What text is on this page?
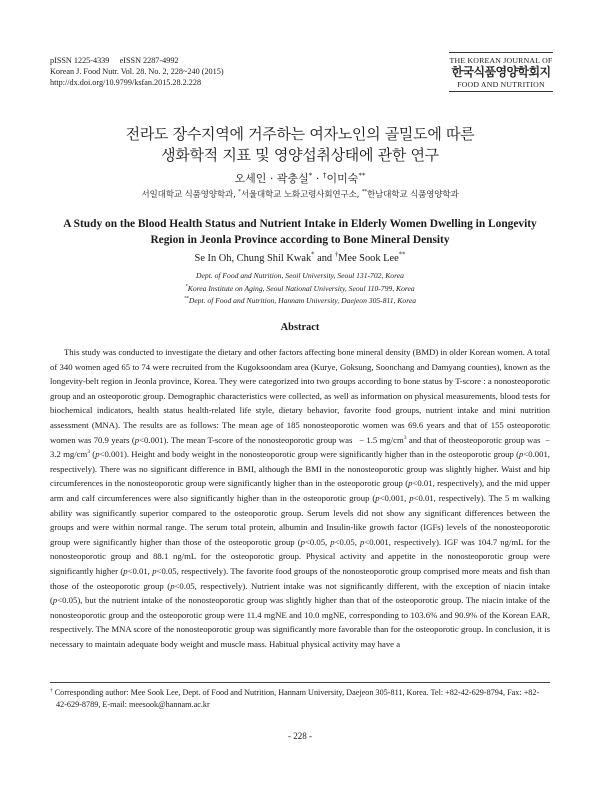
pISSN 1225-4339     eISSN 2287-4992
Korean J. Food Nutr. Vol. 28. No. 2, 228~240 (2015)
http://dx.doi.org/10.9799/ksfan.2015.28.2.228
THE KOREAN JOURNAL OF
한국식품영양학회지
FOOD AND NUTRITION
전라도 장수지역에 거주하는 여자노인의 골밀도에 따른
생화학적 지표 및 영양섭취상태에 관한 연구
오세인 · 곽충실* · †이미숙**
서일대학교 식품영양학과, *서울대학교 노화고령사회연구소, **한남대학교 식품영양학과
A Study on the Blood Health Status and Nutrient Intake in Elderly Women Dwelling in Longevity
Region in Jeonla Province according to Bone Mineral Density
Se In Oh, Chung Shil Kwak* and †Mee Sook Lee**
Dept. of Food and Nutrition, Seoil University, Seoul 131-702, Korea
*Korea Institute on Aging, Seoul National University, Seoul 110-799, Korea
**Dept. of Food and Nutrition, Hannam University, Daejeon 305-811, Korea
Abstract

This study was conducted to investigate the dietary and other factors affecting bone mineral density (BMD) in older Korean women. A total of 340 women aged 65 to 74 were recruited from the Kugoksoondam area (Kurye, Goksung, Soonchang and Damyang counties), known as the longevity-belt region in Jeonla province, Korea. They were categorized into two groups according to bone status by T-score : a nonosteoporotic group and an osteoporotic group. Demographic characteristics were collected, as well as information on physical measurements, blood tests for biochemical indicators, health status health-related life style, dietary behavior, favorite food groups, nutrient intake and mini nutrition assessment (MNA). The results are as follows: The mean age of 185 nonosteoporotic women was 69.6 years and that of 155 osteoporotic women was 70.9 years (p<0.001). The mean T-score of the nonosteoporotic group was   − 1.5 $mg/cm^3$ and that of theosteoporotic group was  − 3.2 $mg/cm^3$ (p<0.001). Height and body weight in the nonosteoporotic group were significantly higher than in the osteoporotic group (p<0.001, respectively). There was no significant difference in BMI, although the BMI in the nonosteoporotic group was slightly higher. Waist and hip circumferences in the nonosteoporotic group were significantly higher than in the osteoporotic group (p<0.01, respectively), and the mid upper arm and calf circumferences were also significantly higher than in the osteoporotic group (p<0.001, p<0.01, respectively). The 5 m walking ability was significantly superior compared to the osteoporotic group. Serum levels did not show any significant differences between the groups and were within normal range. The serum total protein, albumin and Insulin-like growth factor (IGFs) levels of the nonosteoporotic group were significantly higher than those of the osteoporotic group (p<0.05, p<0.05, p<0.001, respectively). IGF was 104.7 ng/mL for the nonosteoporotic group and 88.1 ng/mL for the osteoporotic group. Physical activity and appetite in the nonosteoporotic group were significantly higher (p<0.01, p<0.05, respectively). The favorite food groups of the nonosteoporotic group comprised more meats and fish than those of the osteoporotic group (p<0.05, respectively). Nutrient intake was not significantly different, with the exception of niacin intake (p<0.05), but the nutrient intake of the nonosteoporotic group was slightly higher than that of the osteoporotic group. The niacin intake of the nonosteoporotic group and the osteoporotic group were 11.4 mgNE and 10.0 mgNE, corresponding to 103.6% and 90.9% of the Korean EAR, respectively. The MNA score of the nonosteoporotic group was significantly more favorable than for the osteoporotic group. In conclusion, it is necessary to maintain adequate body weight and muscle mass. Habitual physical activity may have a

† Corresponding author: Mee Sook Lee, Dept. of Food and Nutrition, Hannam University, Daejeon 305-811, Korea. Tel: +82-42-629-8794, Fax: +82-42-629-8789, E-mail: meesook@hannam.ac.kr
- 228 -
